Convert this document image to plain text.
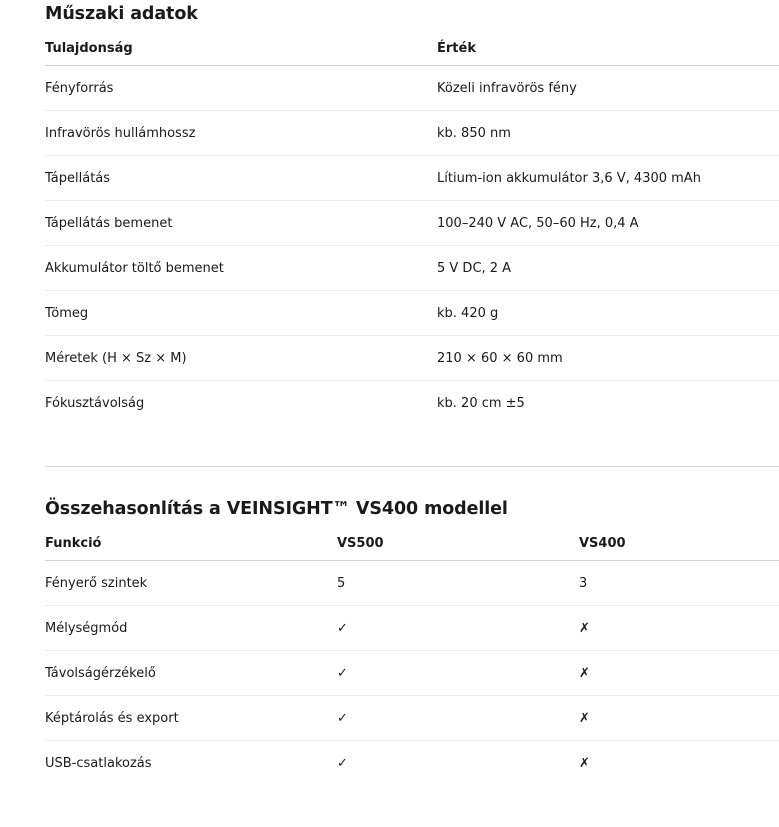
Műszaki adatok
Tulajdonság	Érték
Fényforrás	Közeli infravörös fény
Infravörös hullámhossz	kb. 850 nm
Tápellátás	Lítium-ion akkumulátor 3,6 V, 4300 mAh
Tápellátás bemenet	100–240 V AC, 50–60 Hz, 0,4 A
Akkumulátor töltő bemenet	5 V DC, 2 A
Tömeg	kb. 420 g
Méretek (H × Sz × M)	210 × 60 × 60 mm
Fókusztávolság	kb. 20 cm ±5
Összehasonlítás a VEINSIGHT™ VS400 modellel
Funkció	VS500	VS400
Fényerő szintek	5	3
Mélységmód	✓	✗
Távolságérzékelő	✓	✗
Képtárolás és export	✓	✗
USB-csatlakozás	✓	✗
